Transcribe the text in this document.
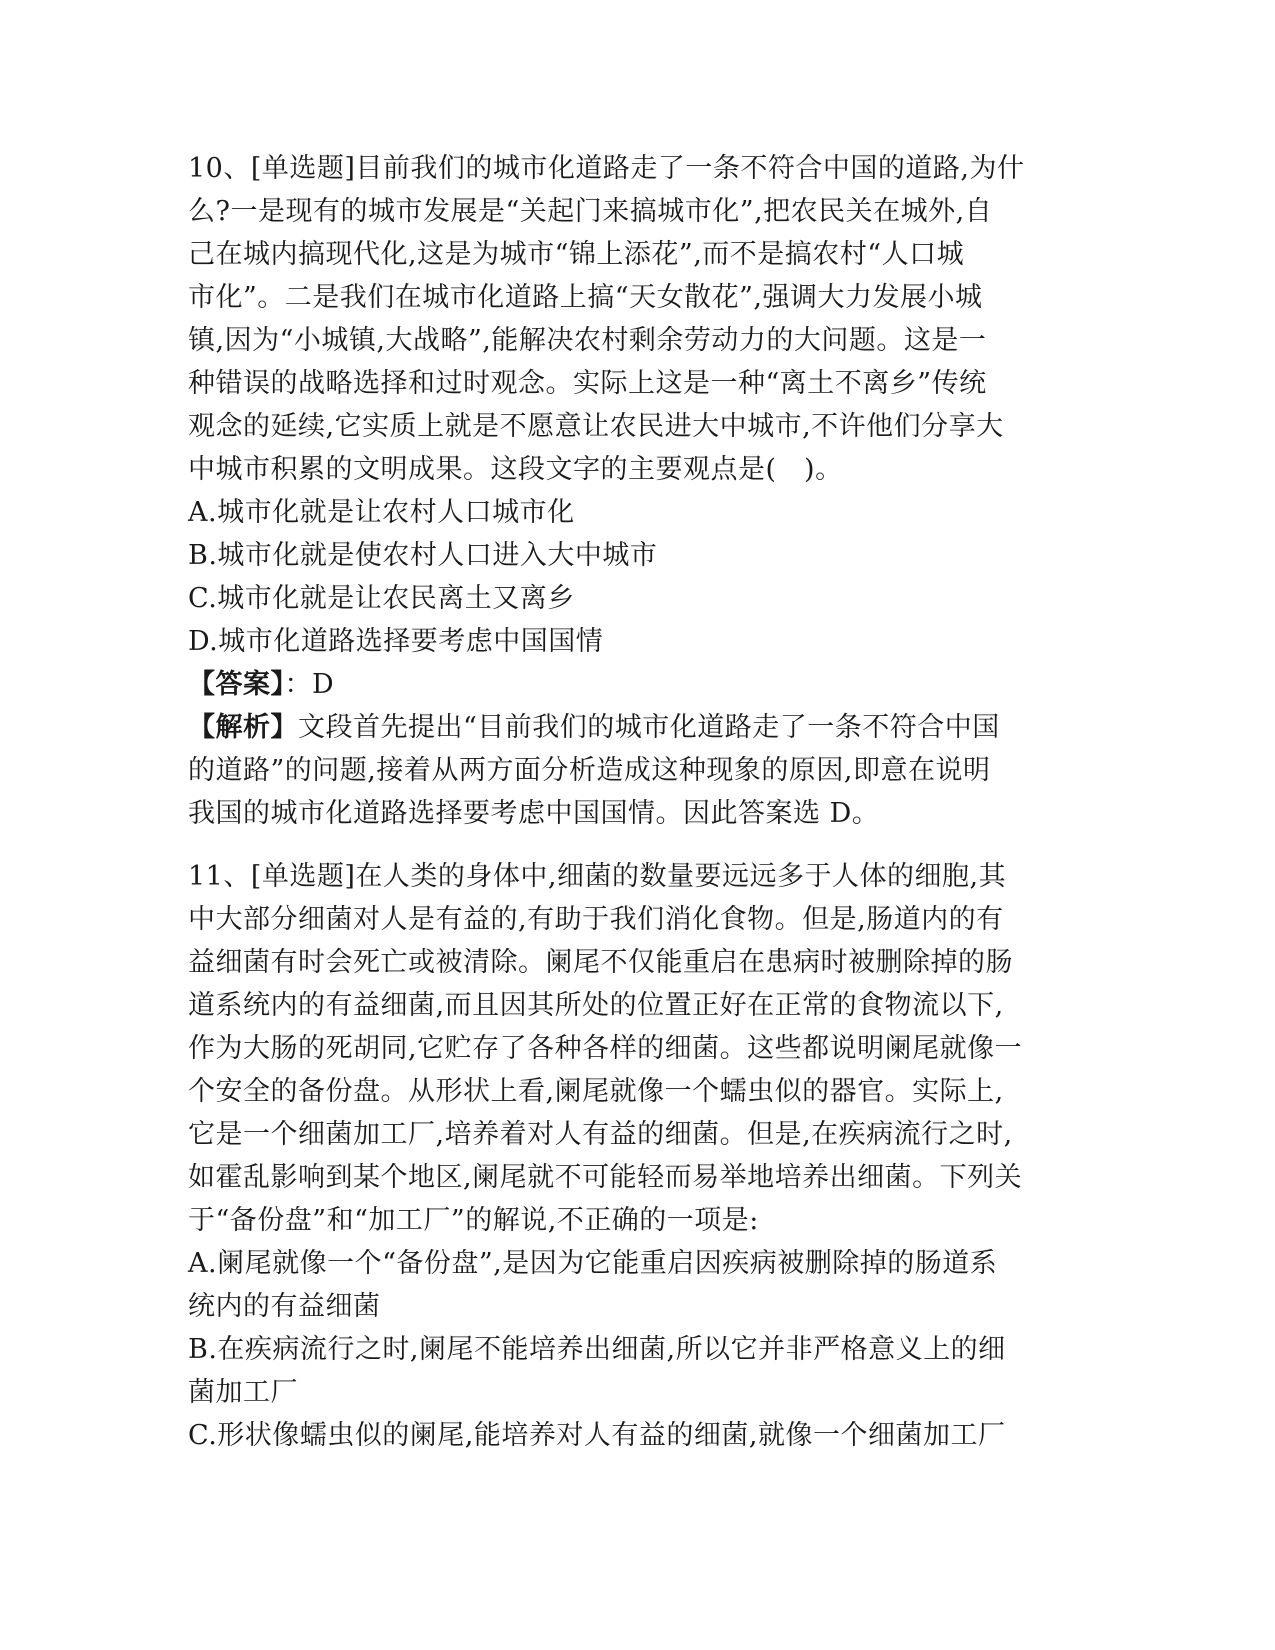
10、[单选题]目前我们的城市化道路走了一条不符合中国的道路,为什
么?一是现有的城市发展是“关起门来搞城市化”,把农民关在城外,自
己在城内搞现代化,这是为城市“锦上添花”,而不是搞农村“人口城
市化”。二是我们在城市化道路上搞“天女散花”,强调大力发展小城
镇,因为“小城镇,大战略”,能解决农村剩余劳动力的大问题。这是一
种错误的战略选择和过时观念。实际上这是一种“离土不离乡”传统
观念的延续,它实质上就是不愿意让农民进大中城市,不许他们分享大
中城市积累的文明成果。这段文字的主要观点是(　)。
A.城市化就是让农村人口城市化
B.城市化就是使农村人口进入大中城市
C.城市化就是让农民离土又离乡
D.城市化道路选择要考虑中国国情
【答案】：D
【解析】文段首先提出“目前我们的城市化道路走了一条不符合中国
的道路”的问题,接着从两方面分析造成这种现象的原因,即意在说明
我国的城市化道路选择要考虑中国国情。因此答案选 D。
11、[单选题]在人类的身体中,细菌的数量要远远多于人体的细胞,其
中大部分细菌对人是有益的,有助于我们消化食物。但是,肠道内的有
益细菌有时会死亡或被清除。阑尾不仅能重启在患病时被删除掉的肠
道系统内的有益细菌,而且因其所处的位置正好在正常的食物流以下,
作为大肠的死胡同,它贮存了各种各样的细菌。这些都说明阑尾就像一
个安全的备份盘。从形状上看,阑尾就像一个蠕虫似的器官。实际上,
它是一个细菌加工厂,培养着对人有益的细菌。但是,在疾病流行之时,
如霍乱影响到某个地区,阑尾就不可能轻而易举地培养出细菌。下列关
于“备份盘”和“加工厂”的解说,不正确的一项是:
A.阑尾就像一个“备份盘”,是因为它能重启因疾病被删除掉的肠道系
统内的有益细菌
B.在疾病流行之时,阑尾不能培养出细菌,所以它并非严格意义上的细
菌加工厂
C.形状像蠕虫似的阑尾,能培养对人有益的细菌,就像一个细菌加工厂
